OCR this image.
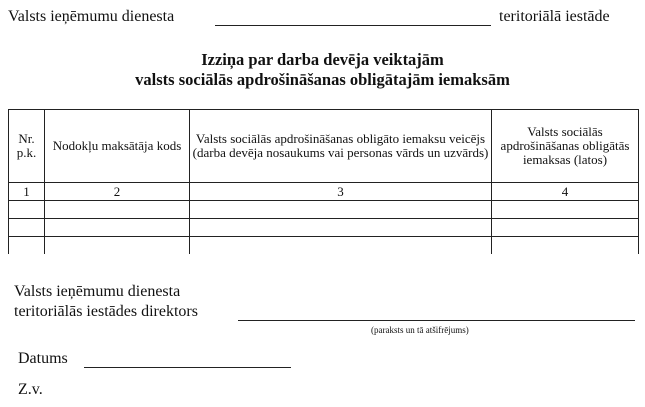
Valsts ieņēmumu dienesta	teritoriālā iestāde
Izziņa par darba devēja veiktajām
valsts sociālās apdrošināšanas obligātajām iemaksām
Nr. p.k.	Nodokļu maksātāja kods	Valsts sociālās apdrošināšanas obligāto iemaksu veicējs (darba devēja nosaukums vai personas vārds un uzvārds)	Valsts sociālās apdrošināšanas obligātās iemaksas (latos)
1	2	3	4

Valsts ieņēmumu dienesta
teritoriālās iestādes direktors
(paraksts un tā atšifrējums)
Datums
Z.v.
